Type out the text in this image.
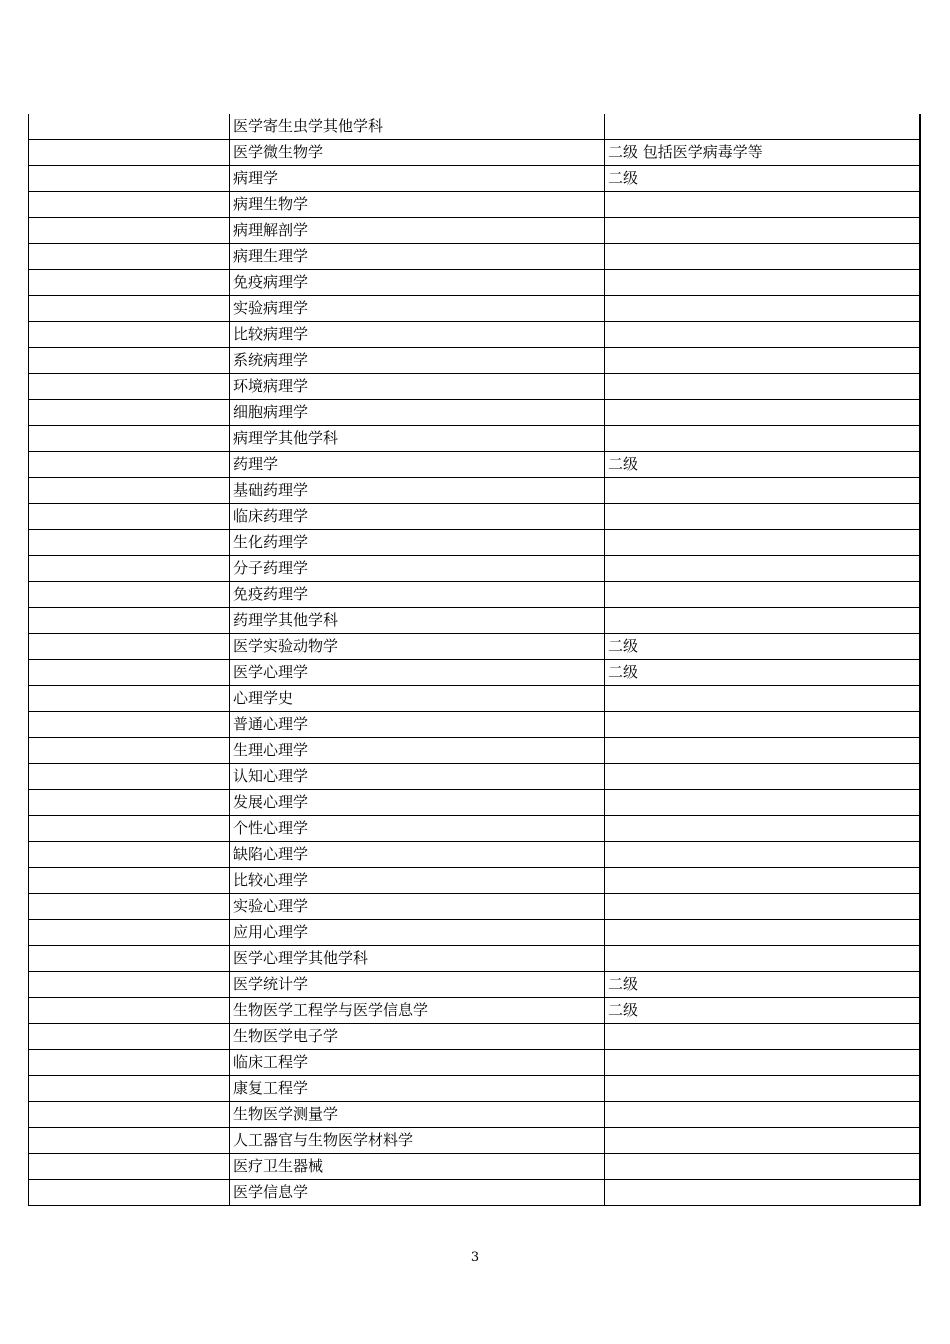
	医学寄生虫学其他学科	
	医学微生物学	二级 包括医学病毒学等
	病理学	二级
	病理生物学	
	病理解剖学	
	病理生理学	
	免疫病理学	
	实验病理学	
	比较病理学	
	系统病理学	
	环境病理学	
	细胞病理学	
	病理学其他学科	
	药理学	二级
	基础药理学	
	临床药理学	
	生化药理学	
	分子药理学	
	免疫药理学	
	药理学其他学科	
	医学实验动物学	二级
	医学心理学	二级
	心理学史	
	普通心理学	
	生理心理学	
	认知心理学	
	发展心理学	
	个性心理学	
	缺陷心理学	
	比较心理学	
	实验心理学	
	应用心理学	
	医学心理学其他学科	
	医学统计学	二级
	生物医学工程学与医学信息学	二级
	生物医学电子学	
	临床工程学	
	康复工程学	
	生物医学测量学	
	人工器官与生物医学材料学	
	医疗卫生器械	
	医学信息学	
3
